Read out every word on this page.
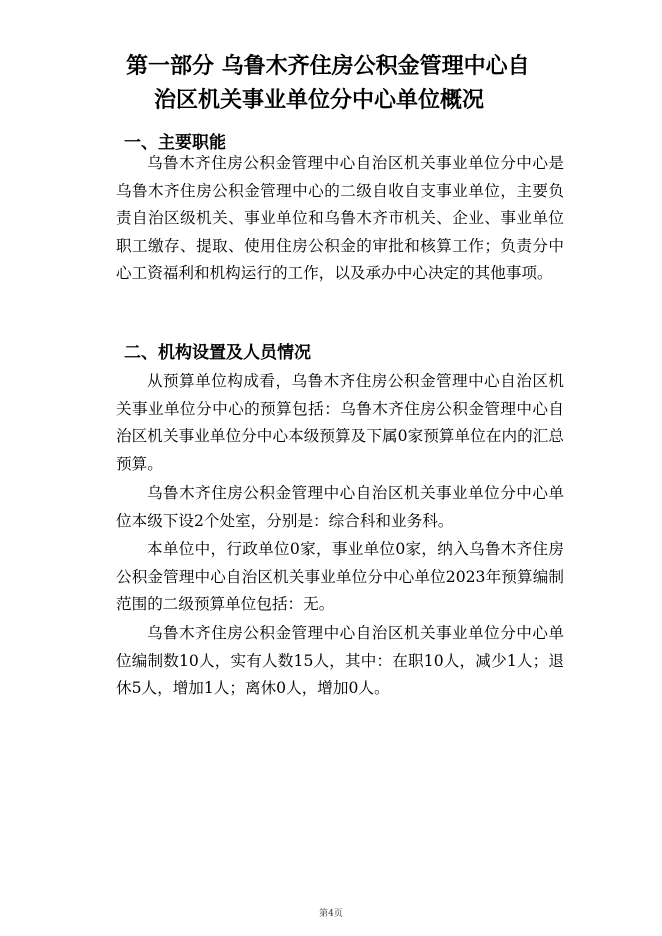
第一部分 乌鲁木齐住房公积金管理中心自
治区机关事业单位分中心单位概况
一、主要职能

乌鲁木齐住房公积金管理中心自治区机关事业单位分中心是乌鲁木齐住房公积金管理中心的二级自收自支事业单位，主要负责自治区级机关、事业单位和乌鲁木齐市机关、企业、事业单位职工缴存、提取、使用住房公积金的审批和核算工作；负责分中心工资福利和机构运行的工作，以及承办中心决定的其他事项。

二、机构设置及人员情况

从预算单位构成看，乌鲁木齐住房公积金管理中心自治区机关事业单位分中心的预算包括：乌鲁木齐住房公积金管理中心自治区机关事业单位分中心本级预算及下属0家预算单位在内的汇总预算。

乌鲁木齐住房公积金管理中心自治区机关事业单位分中心单位本级下设2个处室，分别是：综合科和业务科。

本单位中，行政单位0家，事业单位0家，纳入乌鲁木齐住房公积金管理中心自治区机关事业单位分中心单位2023年预算编制范围的二级预算单位包括：无。

乌鲁木齐住房公积金管理中心自治区机关事业单位分中心单位编制数10人，实有人数15人，其中：在职10人，减少1人；退休5人，增加1人；离休0人，增加0人。

第4页
